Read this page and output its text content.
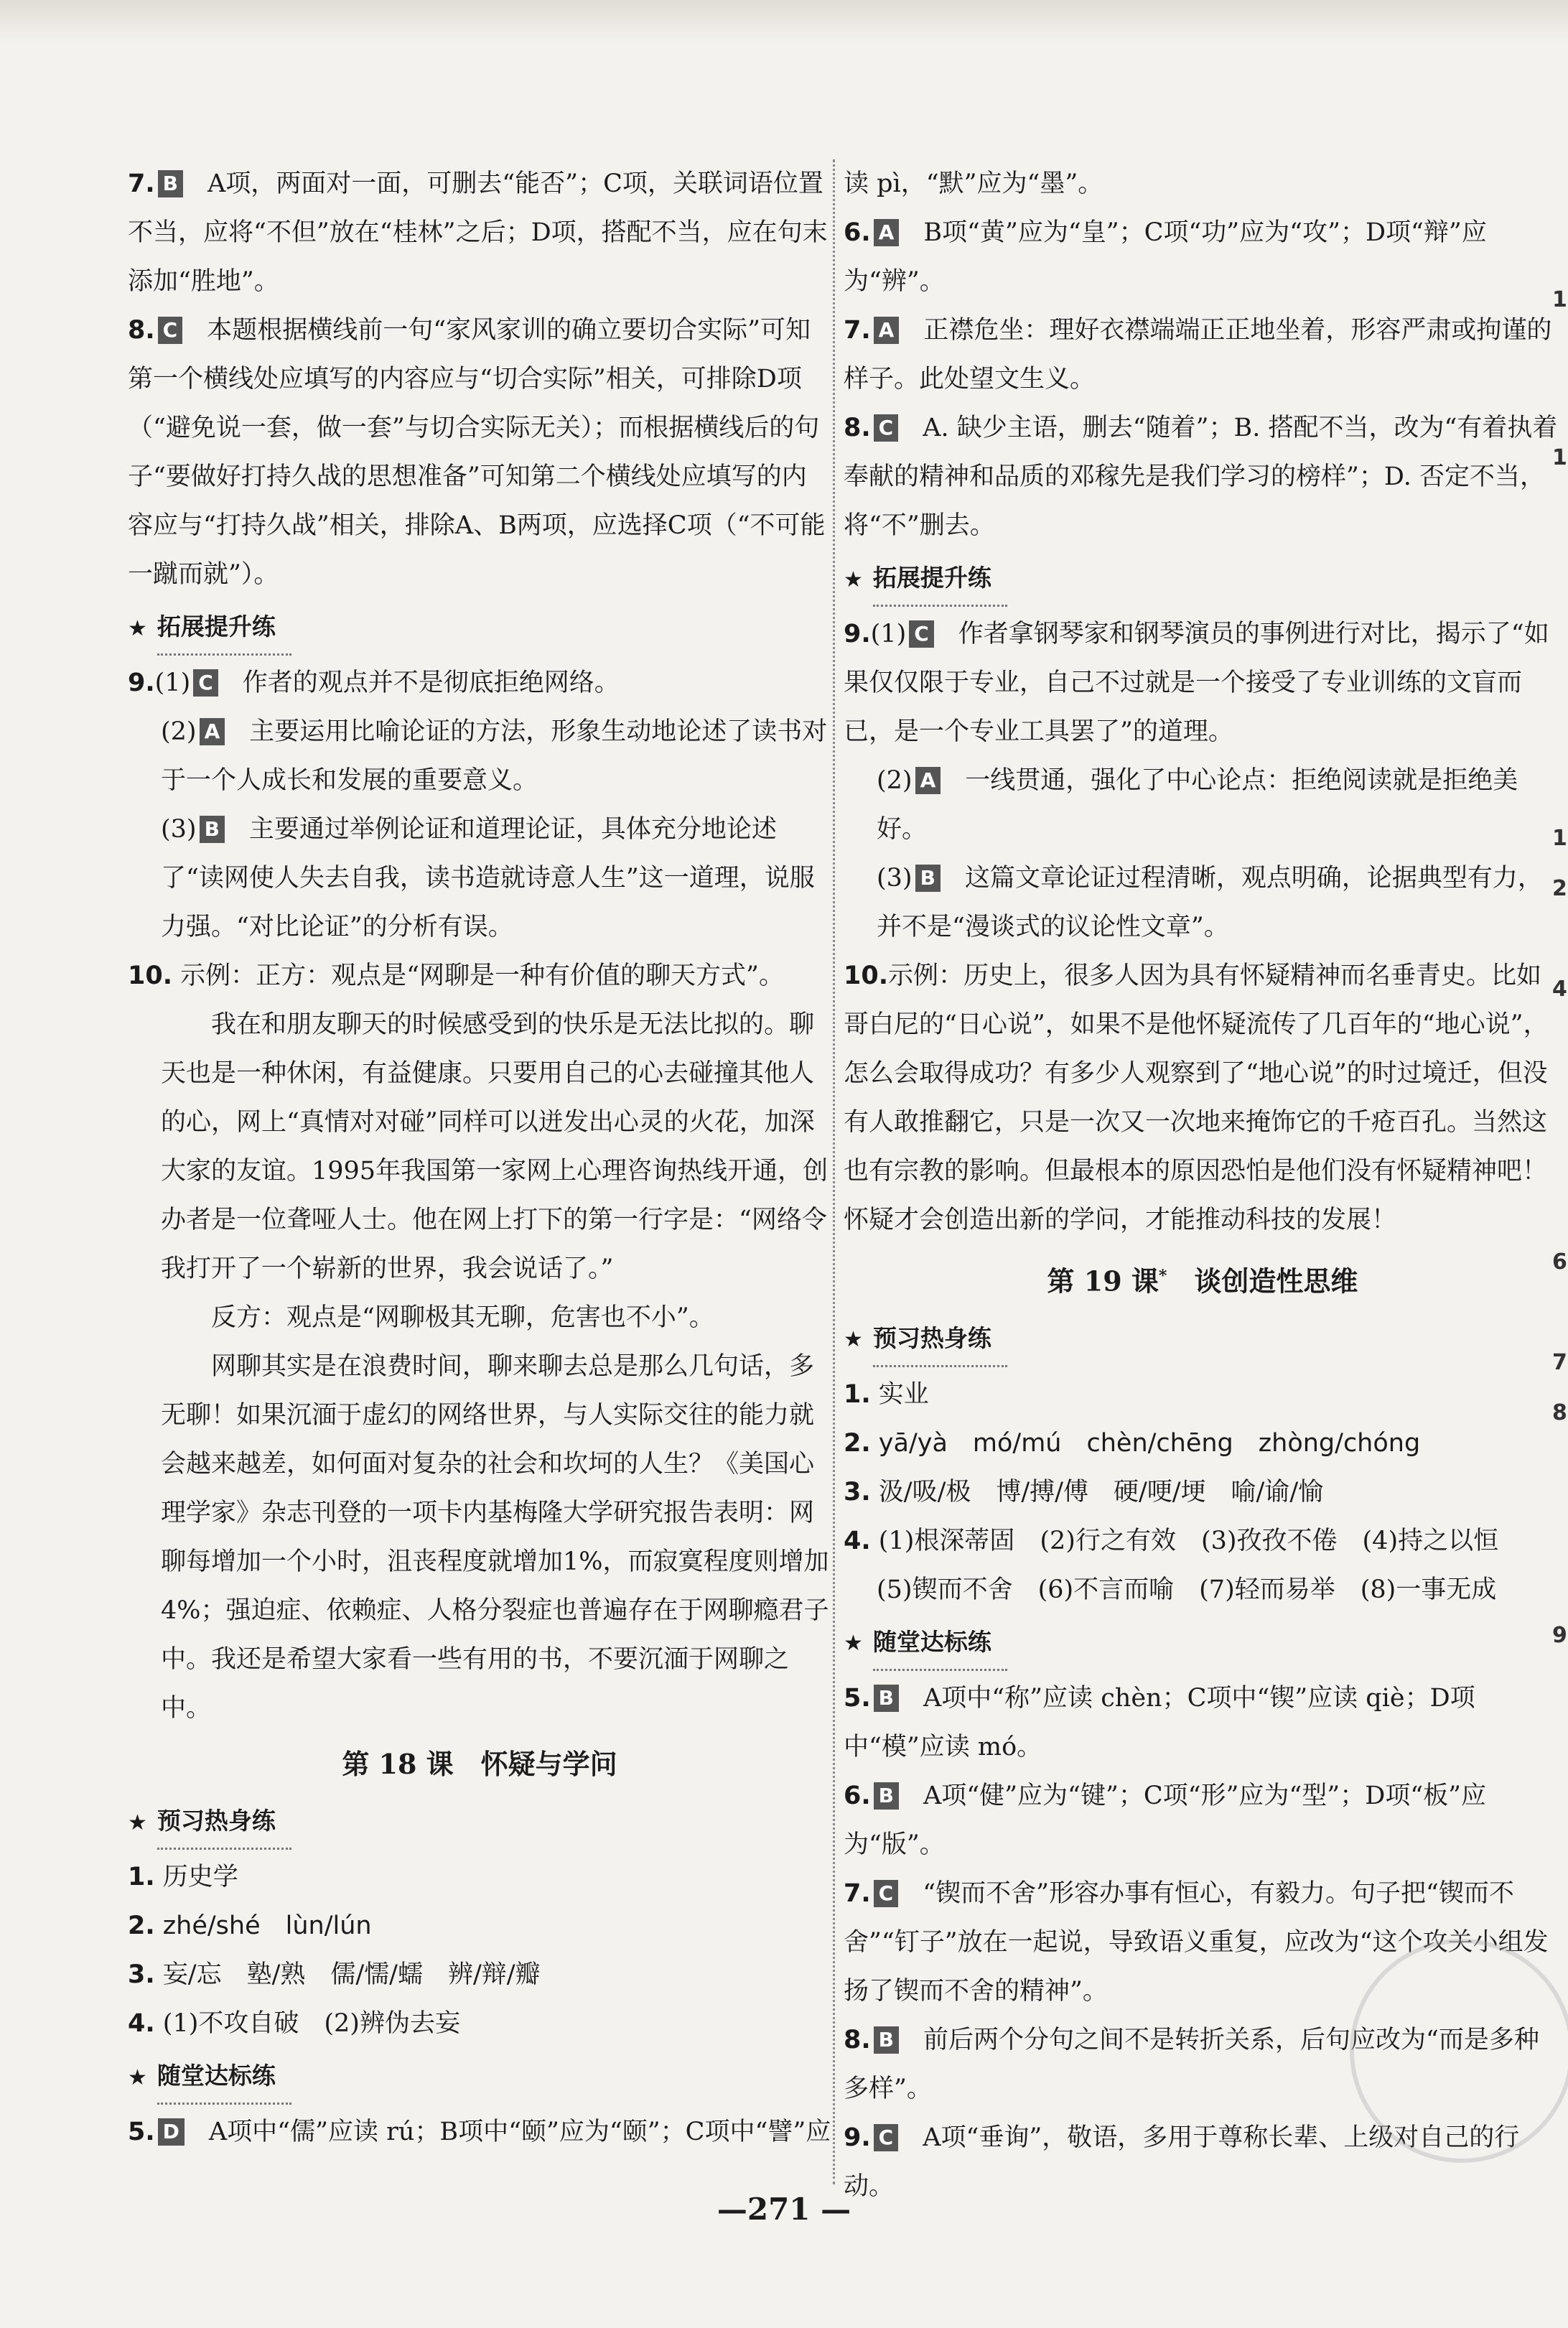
7. B A项，两面对一面，可删去“能否”；C项，关联词语位置不当，应将“不但”放在“桂林”之后；D项，搭配不当，应在句末添加“胜地”。

8. C 本题根据横线前一句“家风家训的确立要切合实际”可知第一个横线处应填写的内容应与“切合实际”相关，可排除D项（“避免说一套，做一套”与切合实际无关）；而根据横线后的句子“要做好打持久战的思想准备”可知第二个横线处应填写的内容应与“打持久战”相关，排除A、B两项，应选择C项（“不可能一蹴而就”）。

★ 拓展提升练

9.(1) C 作者的观点并不是彻底拒绝网络。

(2) A 主要运用比喻论证的方法，形象生动地论述了读书对于一个人成长和发展的重要意义。

(3) B 主要通过举例论证和道理论证，具体充分地论述了“读网使人失去自我，读书造就诗意人生”这一道理，说服力强。“对比论证”的分析有误。

10. 示例：正方：观点是“网聊是一种有价值的聊天方式”。

我在和朋友聊天的时候感受到的快乐是无法比拟的。聊天也是一种休闲，有益健康。只要用自己的心去碰撞其他人的心，网上“真情对对碰”同样可以迸发出心灵的火花，加深大家的友谊。1995年我国第一家网上心理咨询热线开通，创办者是一位聋哑人士。他在网上打下的第一行字是：“网络令我打开了一个崭新的世界，我会说话了。”

反方：观点是“网聊极其无聊，危害也不小”。

网聊其实是在浪费时间，聊来聊去总是那么几句话，多无聊！如果沉湎于虚幻的网络世界，与人实际交往的能力就会越来越差，如何面对复杂的社会和坎坷的人生？《美国心理学家》杂志刊登的一项卡内基梅隆大学研究报告表明：网聊每增加一个小时，沮丧程度就增加1%，而寂寞程度则增加4%；强迫症、依赖症、人格分裂症也普遍存在于网聊瘾君子中。我还是希望大家看一些有用的书，不要沉湎于网聊之中。

第 18 课　怀疑与学问
★ 预习热身练

1. 历史学

2. zhé/shé　lùn/lún

3. 妄/忘　塾/熟　儒/懦/蠕　辨/辩/瓣

4. (1)不攻自破　(2)辨伪去妄

★ 随堂达标练

5. D A项中“儒”应读 rú；B项中“颐”应为“颐”；C项中“譬”应

读 pì，“默”应为“墨”。

6. A B项“黄”应为“皇”；C项“功”应为“攻”；D项“辩”应为“辨”。

7. A 正襟危坐：理好衣襟端端正正地坐着，形容严肃或拘谨的样子。此处望文生义。

8. C A. 缺少主语，删去“随着”；B. 搭配不当，改为“有着执着奉献的精神和品质的邓稼先是我们学习的榜样”；D. 否定不当，将“不”删去。

★ 拓展提升练

9.(1) C 作者拿钢琴家和钢琴演员的事例进行对比，揭示了“如果仅仅限于专业，自己不过就是一个接受了专业训练的文盲而已，是一个专业工具罢了”的道理。

(2) A 一线贯通，强化了中心论点：拒绝阅读就是拒绝美好。

(3) B 这篇文章论证过程清晰，观点明确，论据典型有力，并不是“漫谈式的议论性文章”。

10.示例：历史上，很多人因为具有怀疑精神而名垂青史。比如哥白尼的“日心说”，如果不是他怀疑流传了几百年的“地心说”，怎么会取得成功？有多少人观察到了“地心说”的时过境迁，但没有人敢推翻它，只是一次又一次地来掩饰它的千疮百孔。当然这也有宗教的影响。但最根本的原因恐怕是他们没有怀疑精神吧！怀疑才会创造出新的学问，才能推动科技的发展！

第 19 课*　 谈创造性思维
★ 预习热身练

1. 实业

2. yā/yà　mó/mú　chèn/chēng　zhòng/chóng

3. 汲/吸/极　博/搏/傅　硬/哽/埂　喻/谕/愉

4. (1)根深蒂固　(2)行之有效　(3)孜孜不倦　(4)持之以恒

(5)锲而不舍　(6)不言而喻　(7)轻而易举　(8)一事无成

★ 随堂达标练

5. B A项中“称”应读 chèn；C项中“锲”应读 qiè；D项中“模”应读 mó。

6. B A项“健”应为“键”；C项“形”应为“型”；D项“板”应为“版”。

7. C “锲而不舍”形容办事有恒心，有毅力。句子把“锲而不舍”“钉子”放在一起说，导致语义重复，应改为“这个攻关小组发扬了锲而不舍的精神”。

8. B 前后两个分句之间不是转折关系，后句应改为“而是多种多样”。

9. C A项“垂询”，敬语，多用于尊称长辈、上级对自己的行动。

1
1
1
2
4
6
7
8
9
—271 —
